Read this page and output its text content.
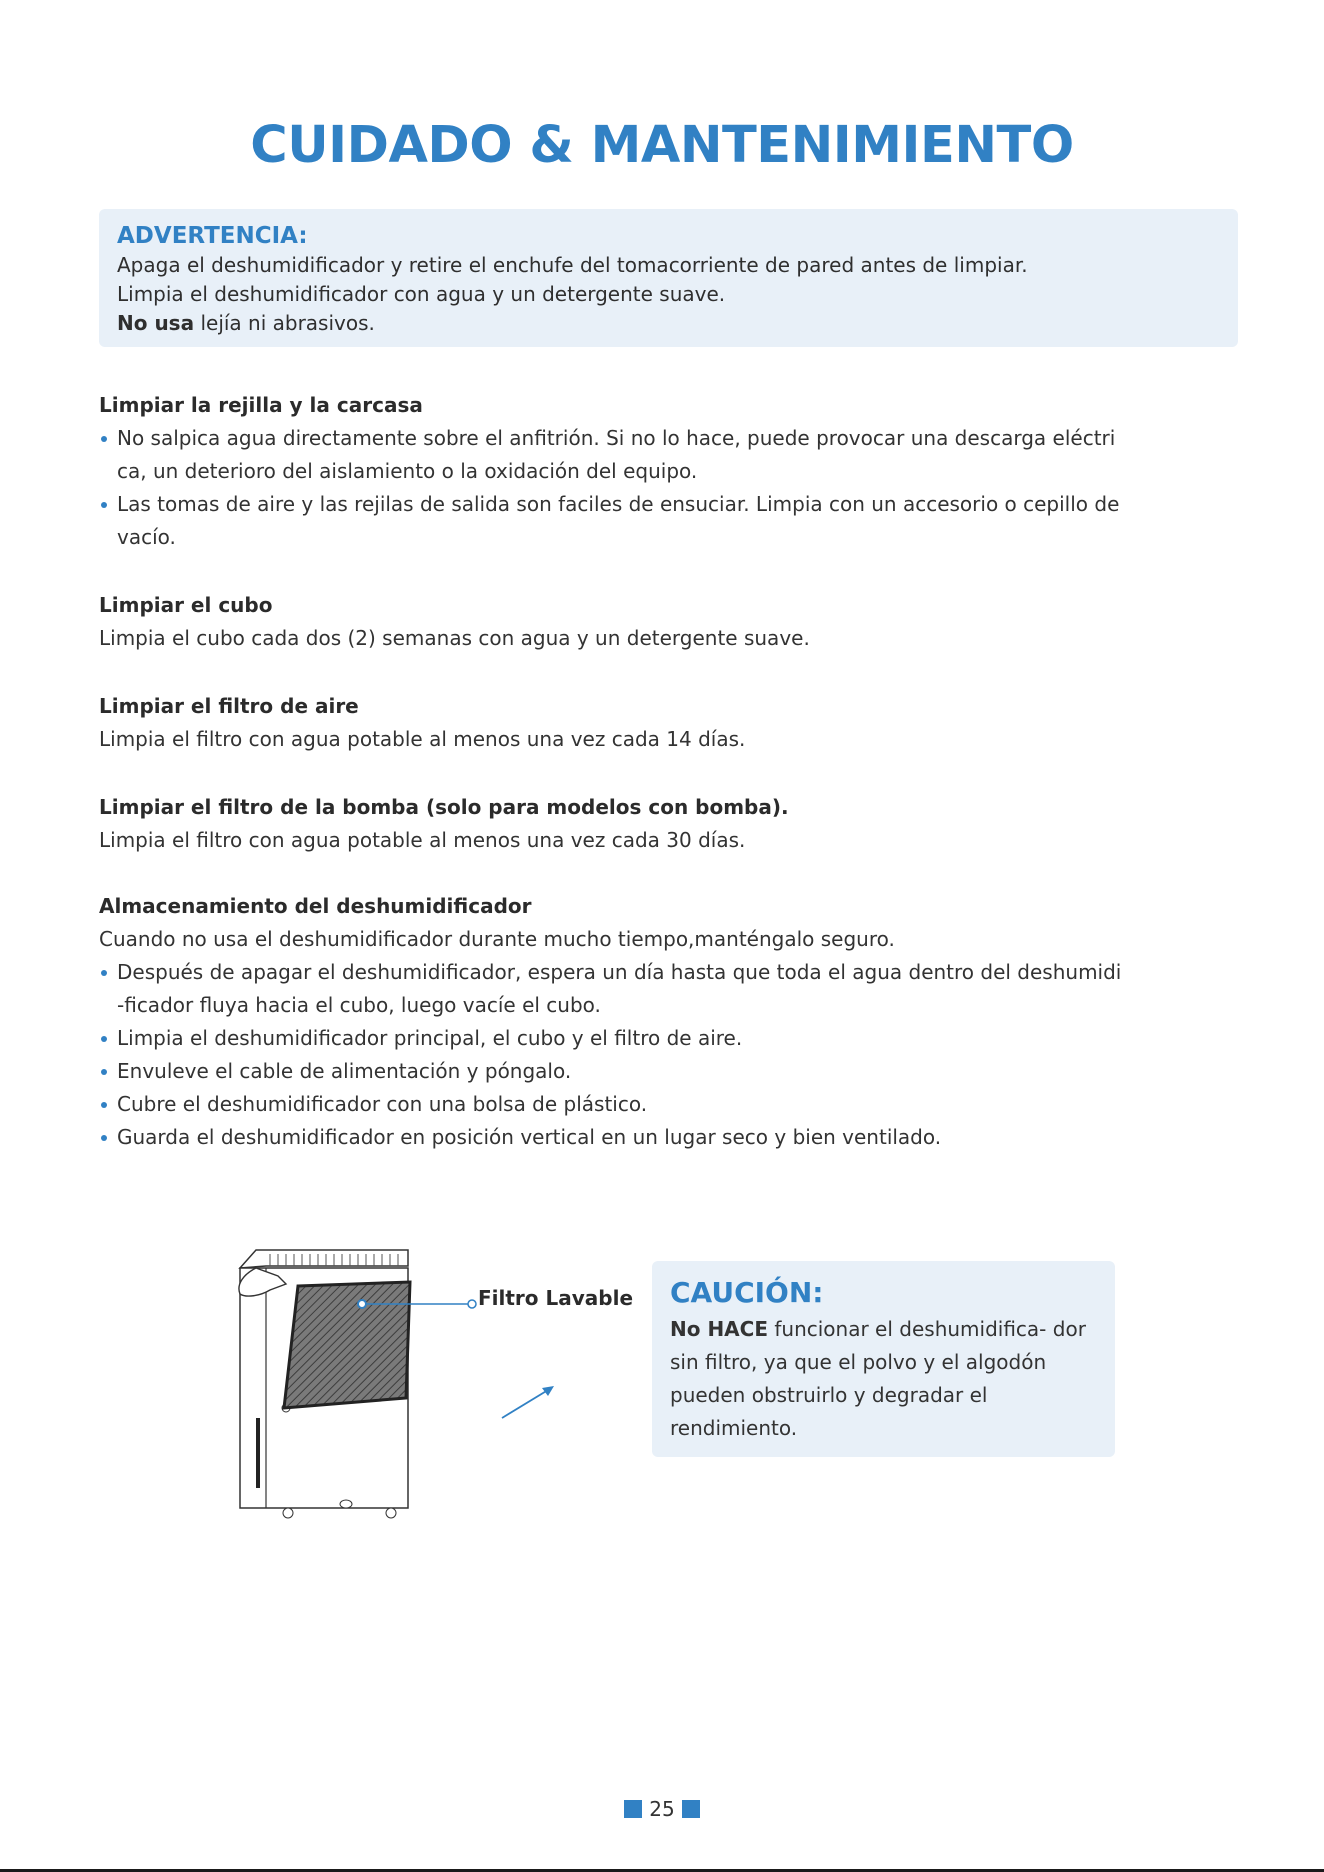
CUIDADO & MANTENIMIENTO
ADVERTENCIA:
Apaga el deshumidificador y retire el enchufe del tomacorriente de pared antes de limpiar.
Limpia el deshumidificador con agua y un detergente suave.
No usa lejía ni abrasivos.

Limpiar la rejilla y la carcasa

No salpica agua directamente sobre el anfitrión. Si no lo hace, puede provocar una descarga eléctri
ca, un deterioro del aislamiento o la oxidación del equipo.
Las tomas de aire y las rejilas de salida son faciles de ensuciar. Limpia con un accesorio o cepillo de
vacío.

Limpiar el cubo

Limpia el cubo cada dos (2) semanas con agua y un detergente suave.

Limpiar el filtro de aire

Limpia el filtro con agua potable al menos una vez cada 14 días.

Limpiar el filtro de la bomba (solo para modelos con bomba).

Limpia el filtro con agua potable al menos una vez cada 30 días.

Almacenamiento del deshumidificador

Cuando no usa el deshumidificador durante mucho tiempo,manténgalo seguro.

Después de apagar el deshumidificador, espera un día hasta que toda el agua dentro del deshumidi
-ficador fluya hacia el cubo, luego vacíe el cubo.
Limpia el deshumidificador principal, el cubo y el filtro de aire.
Envuleve el cable de alimentación y póngalo.
Cubre el deshumidificador con una bolsa de plástico.
Guarda el deshumidificador en posición vertical en un lugar seco y bien ventilado.
Filtro Lavable CAUCIÓN:
No HACE funcionar el deshumidifica- dor sin filtro, ya que el polvo y el algodón pueden obstruirlo y degradar el rendimiento.
25
